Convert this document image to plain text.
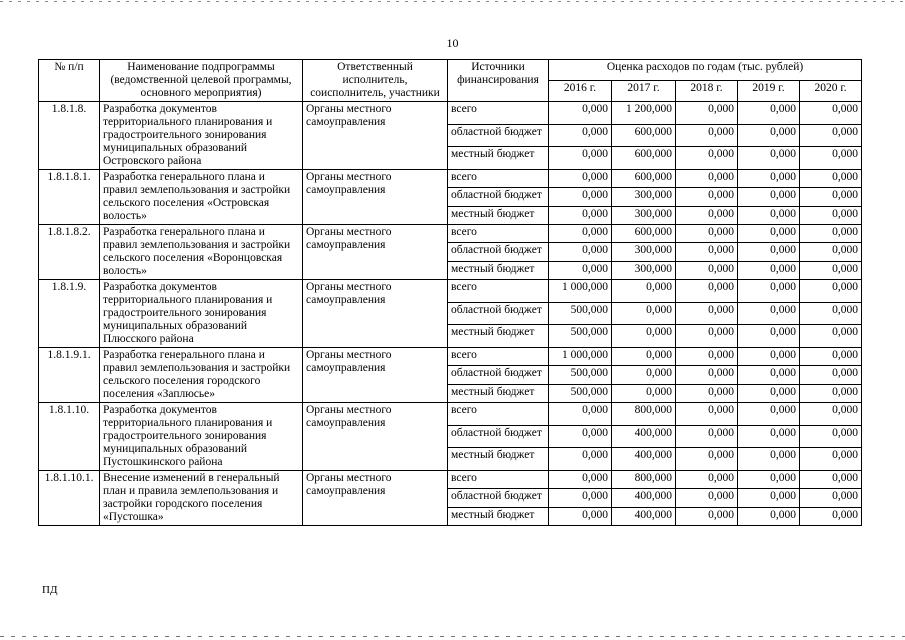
10
№ п/п	Наименование подпрограммы (ведомственной целевой программы, основного мероприятия)	Ответственный исполнитель, соисполнитель, участники	Источники финансирования	Оценка расходов по годам (тыс. рублей)				
				2016 г.	2017 г.	2018 г.	2019 г.	2020 г.
1.8.1.8.	Разработка документов территориального планирования и градостроительного зонирования муниципальных образований Островского района	Органы местного самоуправления	всего	0,000	1 200,000	0,000	0,000	0,000
			областной бюджет	0,000	600,000	0,000	0,000	0,000
			местный бюджет	0,000	600,000	0,000	0,000	0,000
1.8.1.8.1.	Разработка генерального плана и правил землепользования и застройки сельского поселения «Островская волость»	Органы местного самоуправления	всего	0,000	600,000	0,000	0,000	0,000
			областной бюджет	0,000	300,000	0,000	0,000	0,000
			местный бюджет	0,000	300,000	0,000	0,000	0,000
1.8.1.8.2.	Разработка генерального плана и правил землепользования и застройки сельского поселения «Воронцовская волость»	Органы местного самоуправления	всего	0,000	600,000	0,000	0,000	0,000
			областной бюджет	0,000	300,000	0,000	0,000	0,000
			местный бюджет	0,000	300,000	0,000	0,000	0,000
1.8.1.9.	Разработка документов территориального планирования и градостроительного зонирования муниципальных образований Плюсского района	Органы местного самоуправления	всего	1 000,000	0,000	0,000	0,000	0,000
			областной бюджет	500,000	0,000	0,000	0,000	0,000
			местный бюджет	500,000	0,000	0,000	0,000	0,000
1.8.1.9.1.	Разработка генерального плана и правил землепользования и застройки сельского поселения городского поселения «Заплюсье»	Органы местного самоуправления	всего	1 000,000	0,000	0,000	0,000	0,000
			областной бюджет	500,000	0,000	0,000	0,000	0,000
			местный бюджет	500,000	0,000	0,000	0,000	0,000
1.8.1.10.	Разработка документов территориального планирования и градостроительного зонирования муниципальных образований Пустошкинского района	Органы местного самоуправления	всего	0,000	800,000	0,000	0,000	0,000
			областной бюджет	0,000	400,000	0,000	0,000	0,000
			местный бюджет	0,000	400,000	0,000	0,000	0,000
1.8.1.10.1.	Внесение изменений в генеральный план и правила землепользования и застройки городского поселения «Пустошка»	Органы местного самоуправления	всего	0,000	800,000	0,000	0,000	0,000
			областной бюджет	0,000	400,000	0,000	0,000	0,000
			местный бюджет	0,000	400,000	0,000	0,000	0,000
ПД
